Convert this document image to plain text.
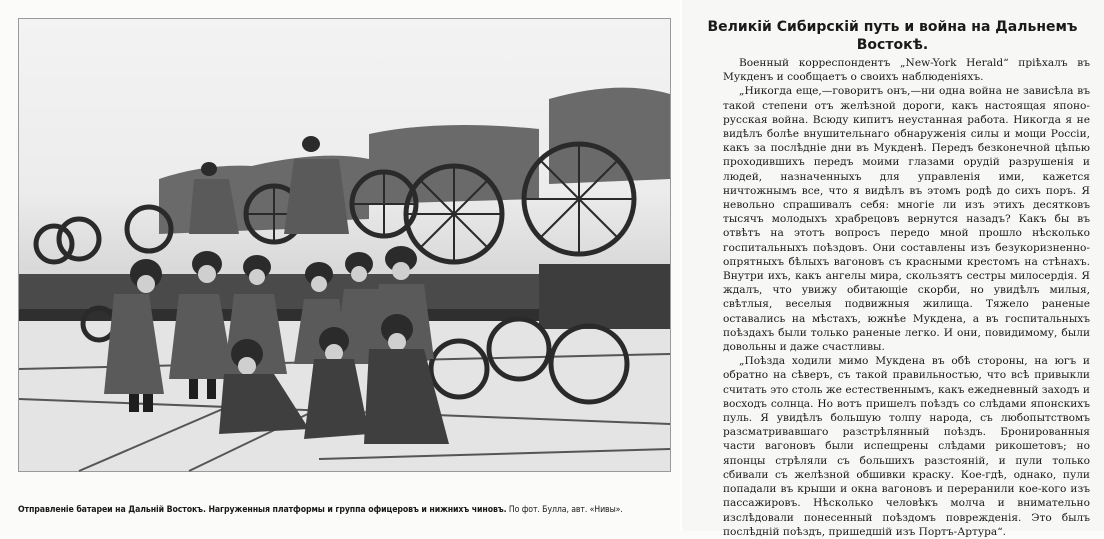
Отправленіе батареи на Дальній Востокъ. Нагруженныя платформы и группа офицеровъ и нижнихъ чиновъ. По фот. Булла, авт. «Нивы».
Великій Сибирскій путь и война на Дальнемъ Востокѣ.

Военный корреспондентъ „New-York Herald“ пріѣхалъ въ Мукденъ и сообщаетъ о своихъ наблюденіяхъ.

„Никогда еще,—говоритъ онъ,—ни одна война не зависѣла въ такой степени отъ желѣзной дороги, какъ настоящая японо-русская война. Всюду кипитъ неустанная работа. Никогда я не видѣлъ болѣе внушительнаго обнаруженія силы и мощи Россіи, какъ за послѣдніе дни въ Мукденѣ. Передъ безконечной цѣпью проходившихъ передъ моими глазами орудій разрушенія и людей, назначенныхъ для управленія ими, кажется ничтожнымъ все, что я видѣлъ въ этомъ родѣ до сихъ поръ. Я невольно спрашивалъ себя: многіе ли изъ этихъ десятковъ тысячъ молодыхъ храбрецовъ вернутся назадъ? Какъ бы въ отвѣтъ на этотъ вопросъ передо мной прошло нѣсколько госпитальныхъ поѣздовъ. Они составлены изъ безукоризненно-опрятныхъ бѣлыхъ вагоновъ съ красными крестомъ на стѣнахъ. Внутри ихъ, какъ ангелы мира, скользятъ сестры милосердія. Я ждалъ, что увижу обитающіе скорби, но увидѣлъ милыя, свѣтлыя, веселыя подвижныя жилища. Тяжело раненые оставались на мѣстахъ, южнѣе Мукдена, а въ госпитальныхъ поѣздахъ были только раненые легко. И они, повидимому, были довольны и даже счастливы.

„Поѣзда ходили мимо Мукдена въ обѣ стороны, на югъ и обратно на сѣверъ, съ такой правильностью, что всѣ привыкли считать это столь же естественнымъ, какъ ежедневный заходъ и восходъ солнца. Но вотъ пришелъ поѣздъ со слѣдами японскихъ пуль. Я увидѣлъ большую толпу народа, съ любопытствомъ разсматривавшаго разстрѣлянный поѣздъ. Бронированныя части вагоновъ были испещрены слѣдами рикошетовъ; но японцы стрѣляли съ большихъ разстояній, и пули только сбивали съ желѣзной обшивки краску. Кое-гдѣ, однако, пули попадали въ крыши и окна вагоновъ и переранили кое-кого изъ пассажировъ. Нѣсколько человѣкъ молча и внимательно изслѣдовали понесенный поѣздомъ поврежденія. Это былъ послѣдній поѣздъ, пришедшій изъ Портъ-Артура“.
